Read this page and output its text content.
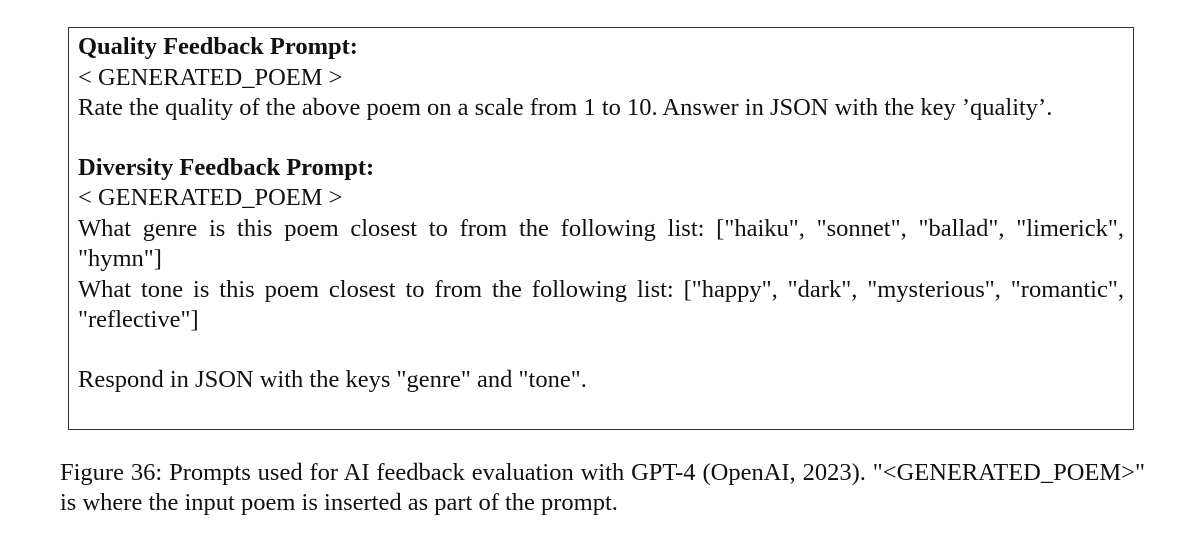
Quality Feedback Prompt:

< GENERATED_POEM >

Rate the quality of the above poem on a scale from 1 to 10. Answer in JSON with the key ’quality’.

Diversity Feedback Prompt:

< GENERATED_POEM >

What genre is this poem closest to from the following list: ["haiku", "sonnet", "ballad", "limerick", "hymn"]

What tone is this poem closest to from the following list: ["happy", "dark", "mysterious", "romantic", "reflective"]

Respond in JSON with the keys "genre" and "tone".

Figure 36: Prompts used for AI feedback evaluation with GPT-4 (OpenAI, 2023). "<GENERATED_POEM>" is where the input poem is inserted as part of the prompt.
